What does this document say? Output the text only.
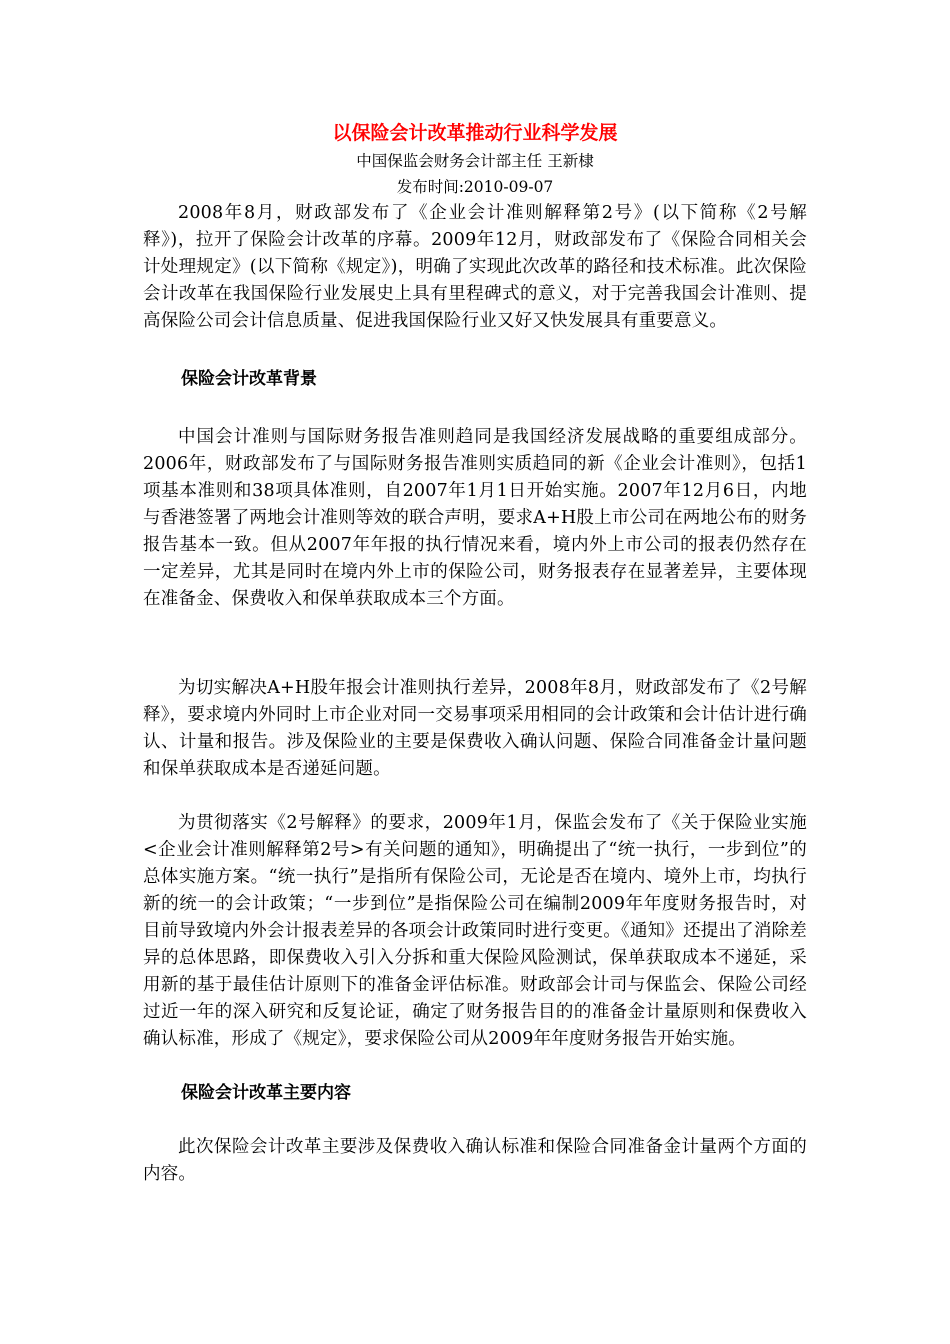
以保险会计改革推动行业科学发展
中国保监会财务会计部主任 王新棣
发布时间:2010-09-07

2008年8月，财政部发布了《企业会计准则解释第2号》(以下简称《2号解释》)，拉开了保险会计改革的序幕。2009年12月，财政部发布了《保险合同相关会计处理规定》(以下简称《规定》)，明确了实现此次改革的路径和技术标准。此次保险会计改革在我国保险行业发展史上具有里程碑式的意义，对于完善我国会计准则、提高保险公司会计信息质量、促进我国保险行业又好又快发展具有重要意义。

保险会计改革背景

中国会计准则与国际财务报告准则趋同是我国经济发展战略的重要组成部分。2006年，财政部发布了与国际财务报告准则实质趋同的新《企业会计准则》，包括1项基本准则和38项具体准则，自2007年1月1日开始实施。2007年12月6日，内地与香港签署了两地会计准则等效的联合声明，要求A+H股上市公司在两地公布的财务报告基本一致。但从2007年年报的执行情况来看，境内外上市公司的报表仍然存在一定差异，尤其是同时在境内外上市的保险公司，财务报表存在显著差异，主要体现在准备金、保费收入和保单获取成本三个方面。

为切实解决A+H股年报会计准则执行差异，2008年8月，财政部发布了《2号解释》，要求境内外同时上市企业对同一交易事项采用相同的会计政策和会计估计进行确认、计量和报告。涉及保险业的主要是保费收入确认问题、保险合同准备金计量问题和保单获取成本是否递延问题。

为贯彻落实《2号解释》的要求，2009年1月，保监会发布了《关于保险业实施<企业会计准则解释第2号>有关问题的通知》，明确提出了“统一执行，一步到位”的总体实施方案。“统一执行”是指所有保险公司，无论是否在境内、境外上市，均执行新的统一的会计政策；“一步到位”是指保险公司在编制2009年年度财务报告时，对目前导致境内外会计报表差异的各项会计政策同时进行变更。《通知》还提出了消除差异的总体思路，即保费收入引入分拆和重大保险风险测试，保单获取成本不递延，采用新的基于最佳估计原则下的准备金评估标准。财政部会计司与保监会、保险公司经过近一年的深入研究和反复论证，确定了财务报告目的的准备金计量原则和保费收入确认标准，形成了《规定》，要求保险公司从2009年年度财务报告开始实施。

保险会计改革主要内容

此次保险会计改革主要涉及保费收入确认标准和保险合同准备金计量两个方面的内容。
